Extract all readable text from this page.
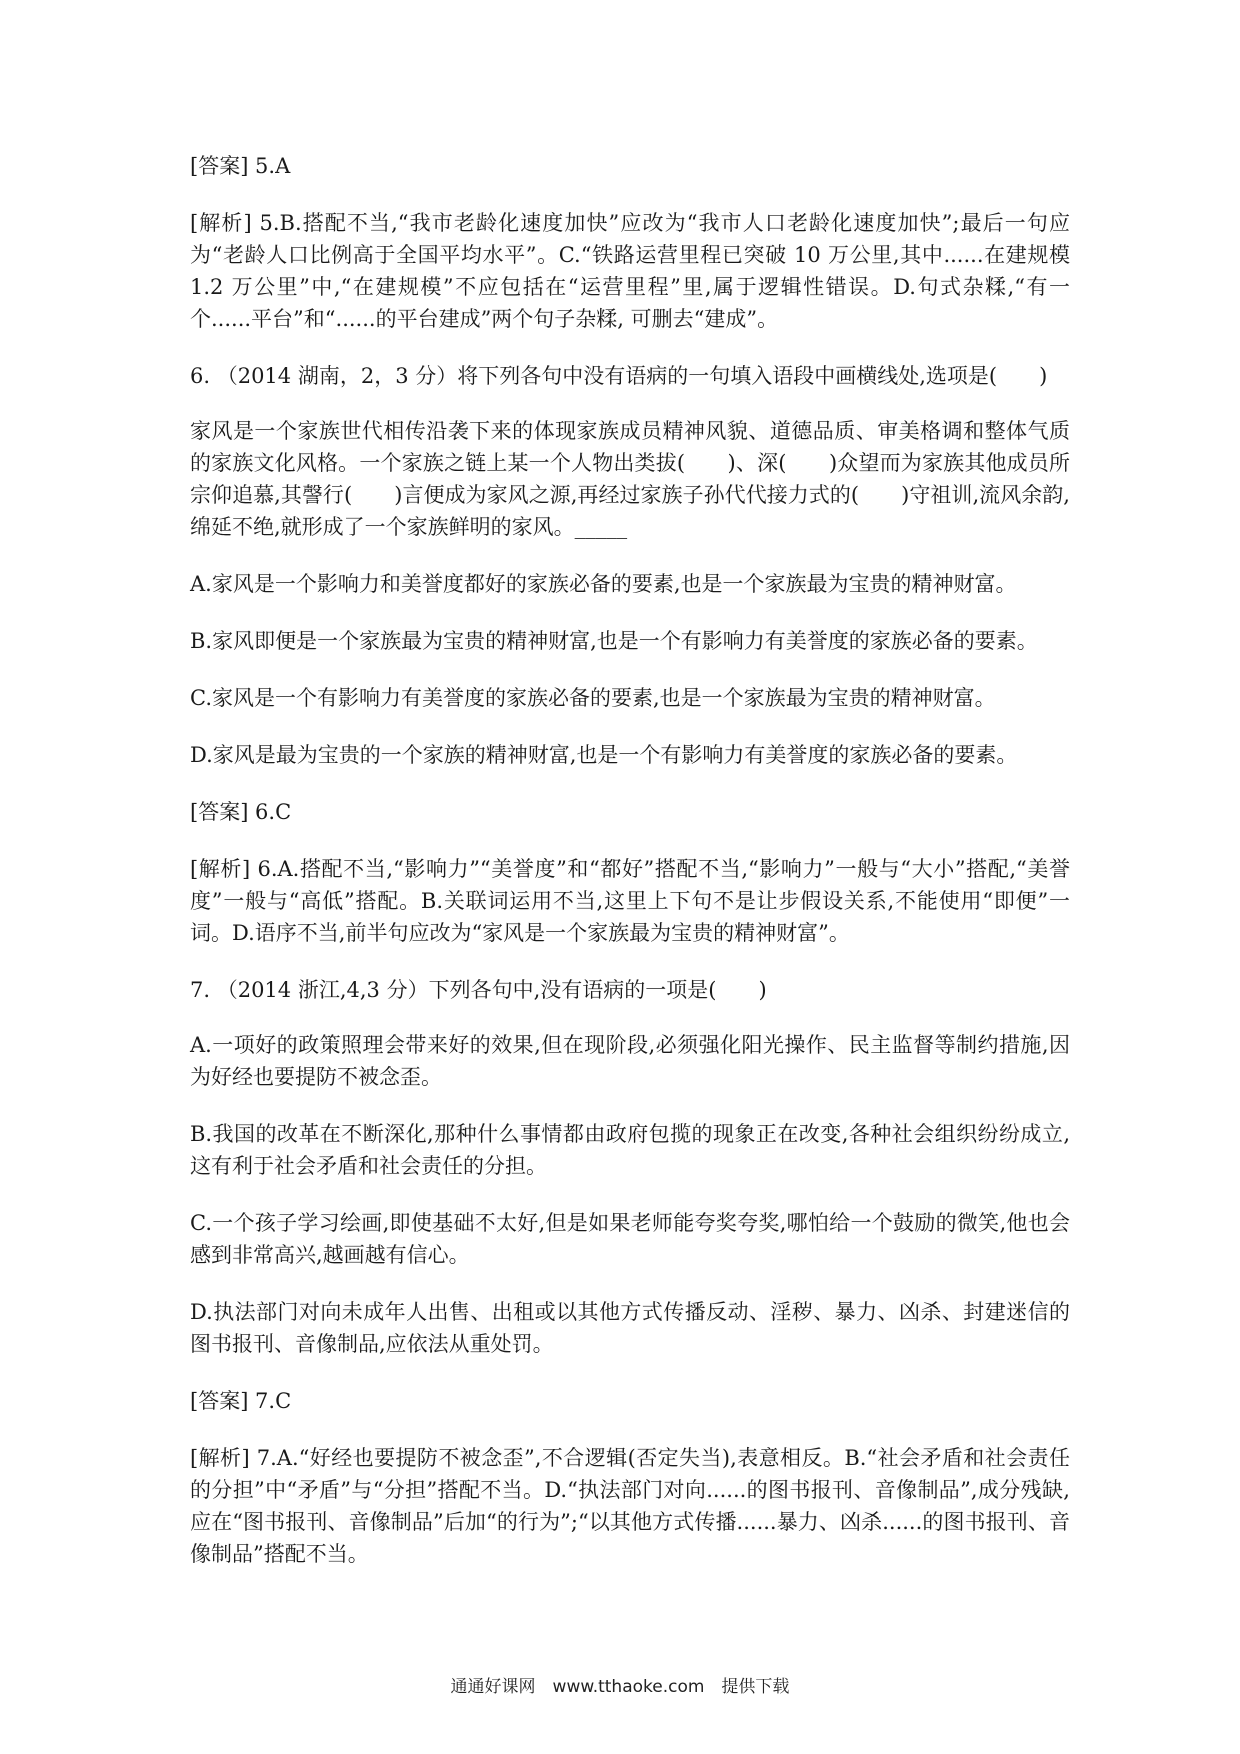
[答案] 5.A

[解析] 5.B.搭配不当,“我市老龄化速度加快”应改为“我市人口老龄化速度加快”;最后一句应为“老龄人口比例高于全国平均水平”。C.“铁路运营里程已突破 10 万公里,其中......在建规模 1.2 万公里”中,“在建规模”不应包括在“运营里程”里,属于逻辑性错误。D.句式杂糅,“有一个......平台”和“......的平台建成”两个句子杂糅, 可删去“建成”。

6. （2014 湖南，2，3 分）将下列各句中没有语病的一句填入语段中画横线处,选项是(　　)

家风是一个家族世代相传沿袭下来的体现家族成员精神风貌、道德品质、审美格调和整体气质的家族文化风格。一个家族之链上某一个人物出类拔(　　)、深(　　)众望而为家族其他成员所宗仰追慕,其謦行(　　)言便成为家风之源,再经过家族子孙代代接力式的(　　)守祖训,流风余韵,绵延不绝,就形成了一个家族鲜明的家风。_____

A.家风是一个影响力和美誉度都好的家族必备的要素,也是一个家族最为宝贵的精神财富。

B.家风即便是一个家族最为宝贵的精神财富,也是一个有影响力有美誉度的家族必备的要素。

C.家风是一个有影响力有美誉度的家族必备的要素,也是一个家族最为宝贵的精神财富。

D.家风是最为宝贵的一个家族的精神财富,也是一个有影响力有美誉度的家族必备的要素。

[答案] 6.C

[解析] 6.A.搭配不当,“影响力”“美誉度”和“都好”搭配不当,“影响力”一般与“大小”搭配,“美誉度”一般与“高低”搭配。B.关联词运用不当,这里上下句不是让步假设关系,不能使用“即便”一词。D.语序不当,前半句应改为“家风是一个家族最为宝贵的精神财富”。

7. （2014 浙江,4,3 分）下列各句中,没有语病的一项是(　　)

A.一项好的政策照理会带来好的效果,但在现阶段,必须强化阳光操作、民主监督等制约措施,因为好经也要提防不被念歪。

B.我国的改革在不断深化,那种什么事情都由政府包揽的现象正在改变,各种社会组织纷纷成立,这有利于社会矛盾和社会责任的分担。

C.一个孩子学习绘画,即使基础不太好,但是如果老师能夸奖夸奖,哪怕给一个鼓励的微笑,他也会感到非常高兴,越画越有信心。

D.执法部门对向未成年人出售、出租或以其他方式传播反动、淫秽、暴力、凶杀、封建迷信的图书报刊、音像制品,应依法从重处罚。

[答案] 7.C

[解析] 7.A.“好经也要提防不被念歪”,不合逻辑(否定失当),表意相反。B.“社会矛盾和社会责任的分担”中“矛盾”与“分担”搭配不当。D.“执法部门对向......的图书报刊、音像制品”,成分残缺,应在“图书报刊、音像制品”后加“的行为”;“以其他方式传播......暴力、凶杀......的图书报刊、音像制品”搭配不当。

通通好课网　www.tthaoke.com　提供下载
